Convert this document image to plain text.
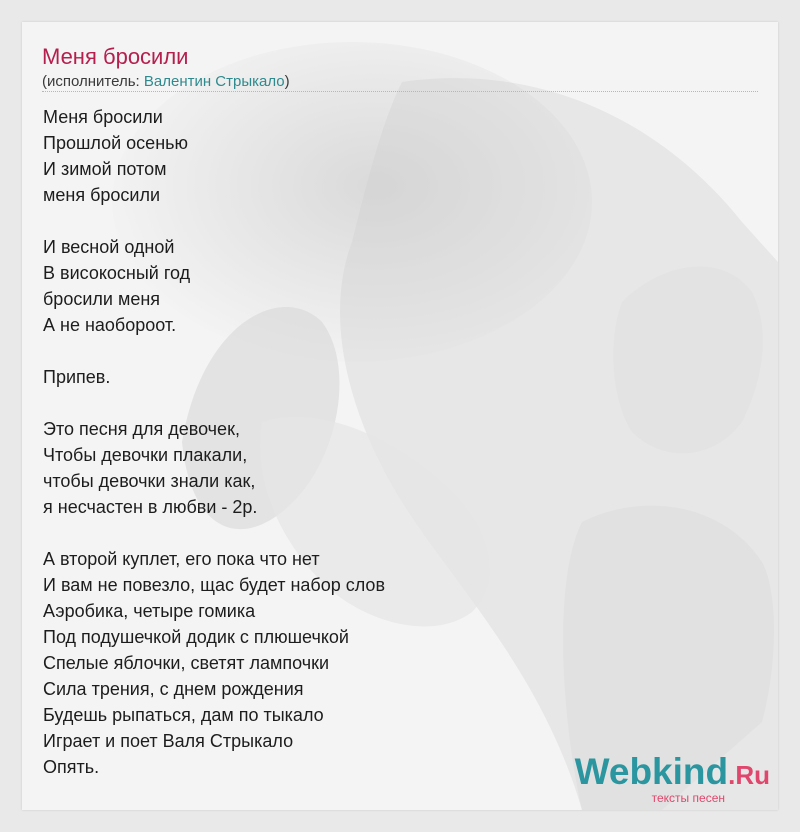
Меня бросили
(исполнитель: Валентин Стрыкало)
Меня бросили
Прошлой осенью
И зимой потом
меня бросили
И весной одной
В високосный год
бросили меня
А не наобороот.
Припев.
Это песня для девочек,
Чтобы девочки плакали,
чтобы девочки знали как,
я несчастен в любви - 2р.
А второй куплет, его пока что нет
И вам не повезло, щас будет набор слов
Аэробика, четыре гомика
Под подушечкой додик с плюшечкой
Спелые яблочки, светят лампочки
Сила трения, с днем рождения
Будешь рыпаться, дам по тыкало
Играет и поет Валя Стрыкало
Опять.	Webkind.Ru
тексты песен
